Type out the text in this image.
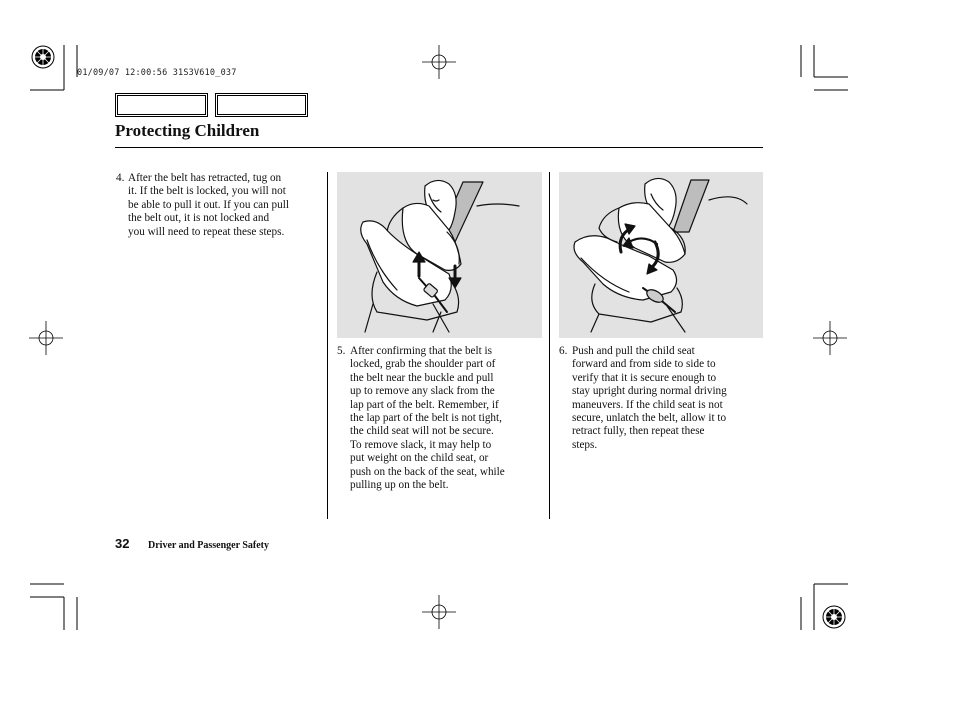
01/09/07 12:00:56 31S3V610_037
Protecting Children
4. After the belt has retracted, tug on
it. If the belt is locked, you will not
be able to pull it out. If you can pull
the belt out, it is not locked and
you will need to repeat these steps.
5. After confirming that the belt is
locked, grab the shoulder part of
the belt near the buckle and pull
up to remove any slack from the
lap part of the belt. Remember, if
the lap part of the belt is not tight,
the child seat will not be secure.
To remove slack, it may help to
put weight on the child seat, or
push on the back of the seat, while
pulling up on the belt.
6. Push and pull the child seat
forward and from side to side to
verify that it is secure enough to
stay upright during normal driving
maneuvers. If the child seat is not
secure, unlatch the belt, allow it to
retract fully, then repeat these
steps.
32 Driver and Passenger Safety
